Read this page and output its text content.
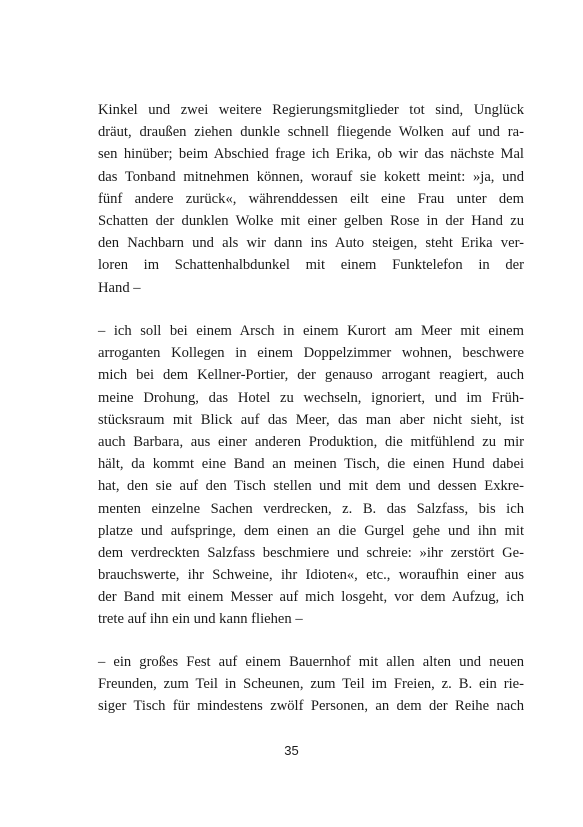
Kinkel und zwei weitere Regierungsmitglieder tot sind, Unglück
dräut, draußen ziehen dunkle schnell fliegende Wolken auf und ra-
sen hinüber; beim Abschied frage ich Erika, ob wir das nächste Mal
das Tonband mitnehmen können, worauf sie kokett meint: »ja, und
fünf andere zurück«, währenddessen eilt eine Frau unter dem
Schatten der dunklen Wolke mit einer gelben Rose in der Hand zu
den Nachbarn und als wir dann ins Auto steigen, steht Erika ver-
loren im Schattenhalbdunkel mit einem Funktelefon in der
Hand –
– ich soll bei einem Arsch in einem Kurort am Meer mit einem
arroganten Kollegen in einem Doppelzimmer wohnen, beschwere
mich bei dem Kellner-Portier, der genauso arrogant reagiert, auch
meine Drohung, das Hotel zu wechseln, ignoriert, und im Früh-
stücksraum mit Blick auf das Meer, das man aber nicht sieht, ist
auch Barbara, aus einer anderen Produktion, die mitfühlend zu mir
hält, da kommt eine Band an meinen Tisch, die einen Hund dabei
hat, den sie auf den Tisch stellen und mit dem und dessen Exkre-
menten einzelne Sachen verdrecken, z. B. das Salzfass, bis ich
platze und aufspringe, dem einen an die Gurgel gehe und ihn mit
dem verdreckten Salzfass beschmiere und schreie: »ihr zerstört Ge-
brauchswerte, ihr Schweine, ihr Idioten«, etc., woraufhin einer aus
der Band mit einem Messer auf mich losgeht, vor dem Aufzug, ich
trete auf ihn ein und kann fliehen –
– ein großes Fest auf einem Bauernhof mit allen alten und neuen
Freunden, zum Teil in Scheunen, zum Teil im Freien, z. B. ein rie-
siger Tisch für mindestens zwölf Personen, an dem der Reihe nach
35
